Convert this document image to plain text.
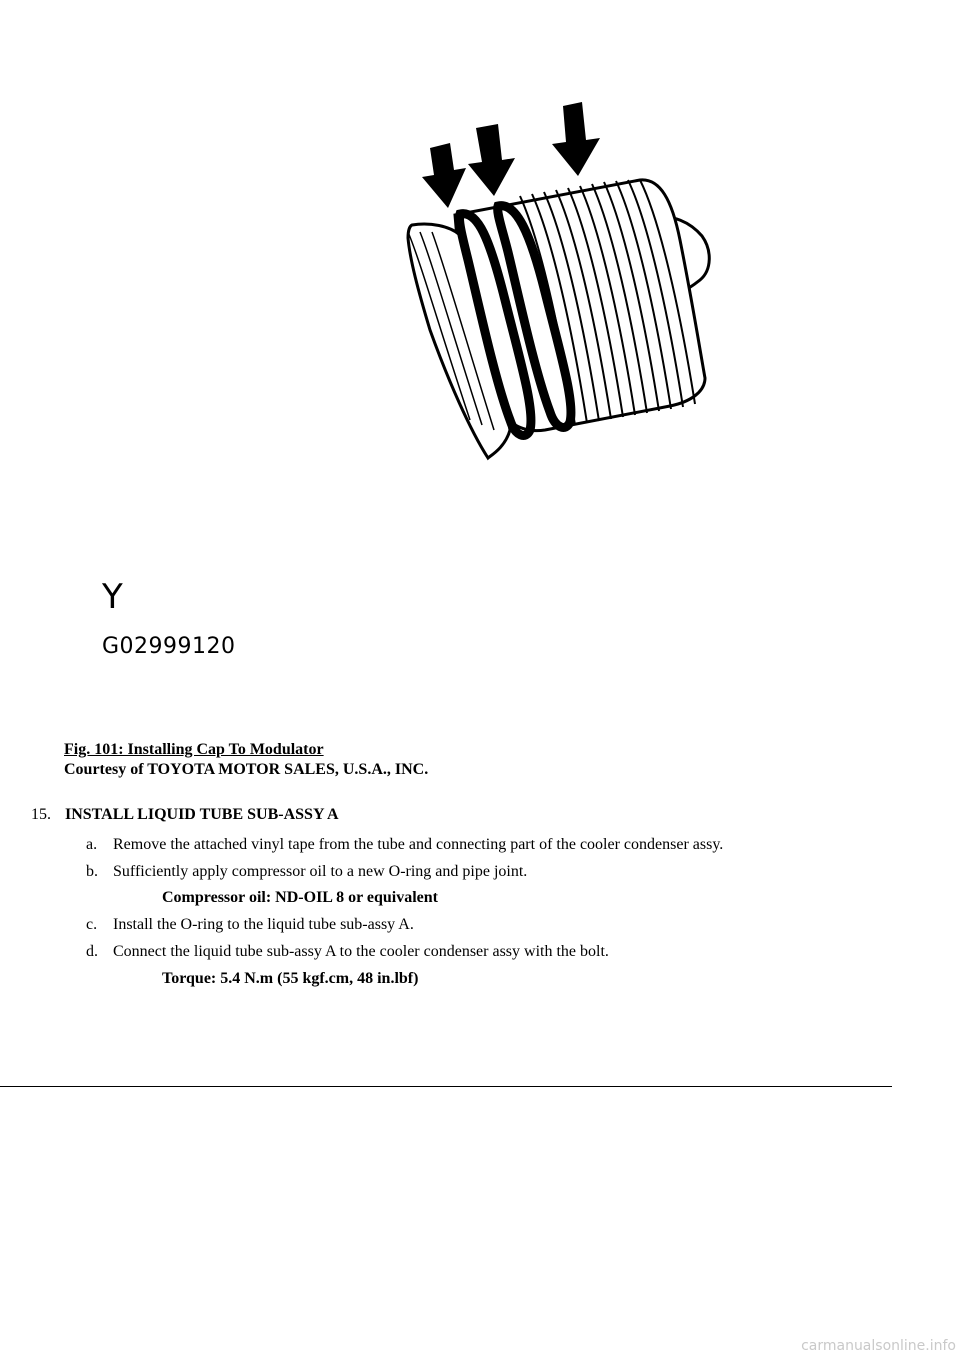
Y
G02999120
Fig. 101: Installing Cap To Modulator
Courtesy of TOYOTA MOTOR SALES, U.S.A., INC.
15. INSTALL LIQUID TUBE SUB-ASSY A
a. Remove the attached vinyl tape from the tube and connecting part of the cooler condenser assy.
b. Sufficiently apply compressor oil to a new O-ring and pipe joint.
Compressor oil: ND-OIL 8 or equivalent
c. Install the O-ring to the liquid tube sub-assy A.
d. Connect the liquid tube sub-assy A to the cooler condenser assy with the bolt.
Torque: 5.4 N.m (55 kgf.cm, 48 in.lbf)
carmanualsonline.info
